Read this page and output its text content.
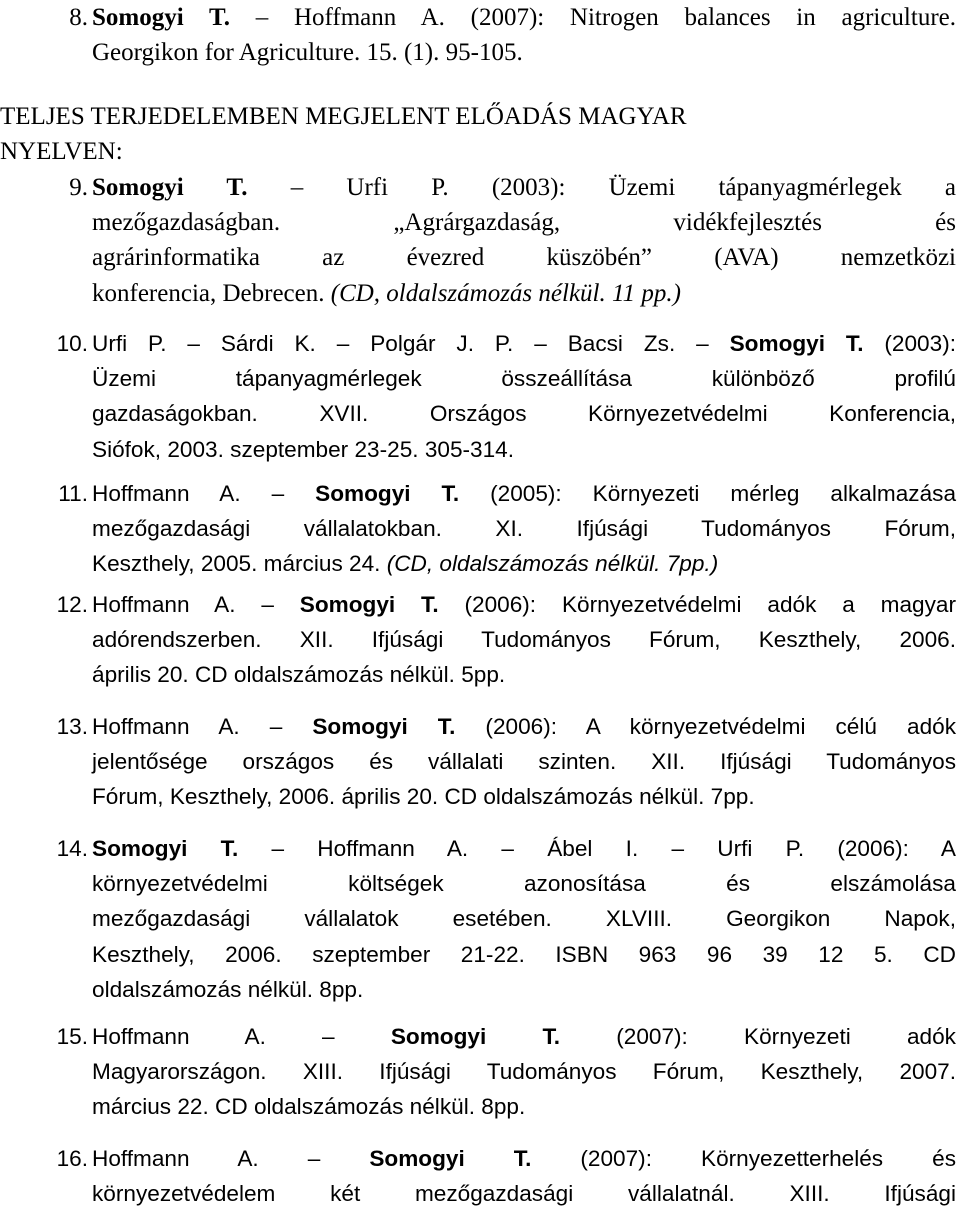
8. Somogyi T. – Hoffmann A. (2007): Nitrogen balances in agriculture.
Georgikon for Agriculture. 15. (1). 95-105.
TELJES TERJEDELEMBEN MEGJELENT ELŐADÁS MAGYAR
NYELVEN:
9. Somogyi T. – Urfi P. (2003): Üzemi tápanyagmérlegek a
mezőgazdaságban. „Agrárgazdaság, vidékfejlesztés és
agrárinformatika az évezred küszöbén” (AVA) nemzetközi
konferencia, Debrecen. (CD, oldalszámozás nélkül. 11 pp.)
10. Urfi P. – Sárdi K. – Polgár J. P. – Bacsi Zs. – Somogyi T. (2003):
Üzemi tápanyagmérlegek összeállítása különböző profilú
gazdaságokban. XVII. Országos Környezetvédelmi Konferencia,
Siófok, 2003. szeptember 23-25. 305-314.
11. Hoffmann A. – Somogyi T. (2005): Környezeti mérleg alkalmazása
mezőgazdasági vállalatokban. XI. Ifjúsági Tudományos Fórum,
Keszthely, 2005. március 24. (CD, oldalszámozás nélkül. 7pp.)
12. Hoffmann A. – Somogyi T. (2006): Környezetvédelmi adók a magyar
adórendszerben. XII. Ifjúsági Tudományos Fórum, Keszthely, 2006.
április 20. CD oldalszámozás nélkül. 5pp.
13. Hoffmann A. – Somogyi T. (2006): A környezetvédelmi célú adók
jelentősége országos és vállalati szinten. XII. Ifjúsági Tudományos
Fórum, Keszthely, 2006. április 20. CD oldalszámozás nélkül. 7pp.
14. Somogyi T. – Hoffmann A. – Ábel I. – Urfi P. (2006): A
környezetvédelmi költségek azonosítása és elszámolása
mezőgazdasági vállalatok esetében. XLVIII. Georgikon Napok,
Keszthely, 2006. szeptember 21-22. ISBN 963 96 39 12 5. CD
oldalszámozás nélkül. 8pp.
15. Hoffmann A. – Somogyi T. (2007): Környezeti adók
Magyarországon. XIII. Ifjúsági Tudományos Fórum, Keszthely, 2007.
március 22. CD oldalszámozás nélkül. 8pp.
16. Hoffmann A. – Somogyi T. (2007): Környezetterhelés és
környezetvédelem két mezőgazdasági vállalatnál. XIII. Ifjúsági
